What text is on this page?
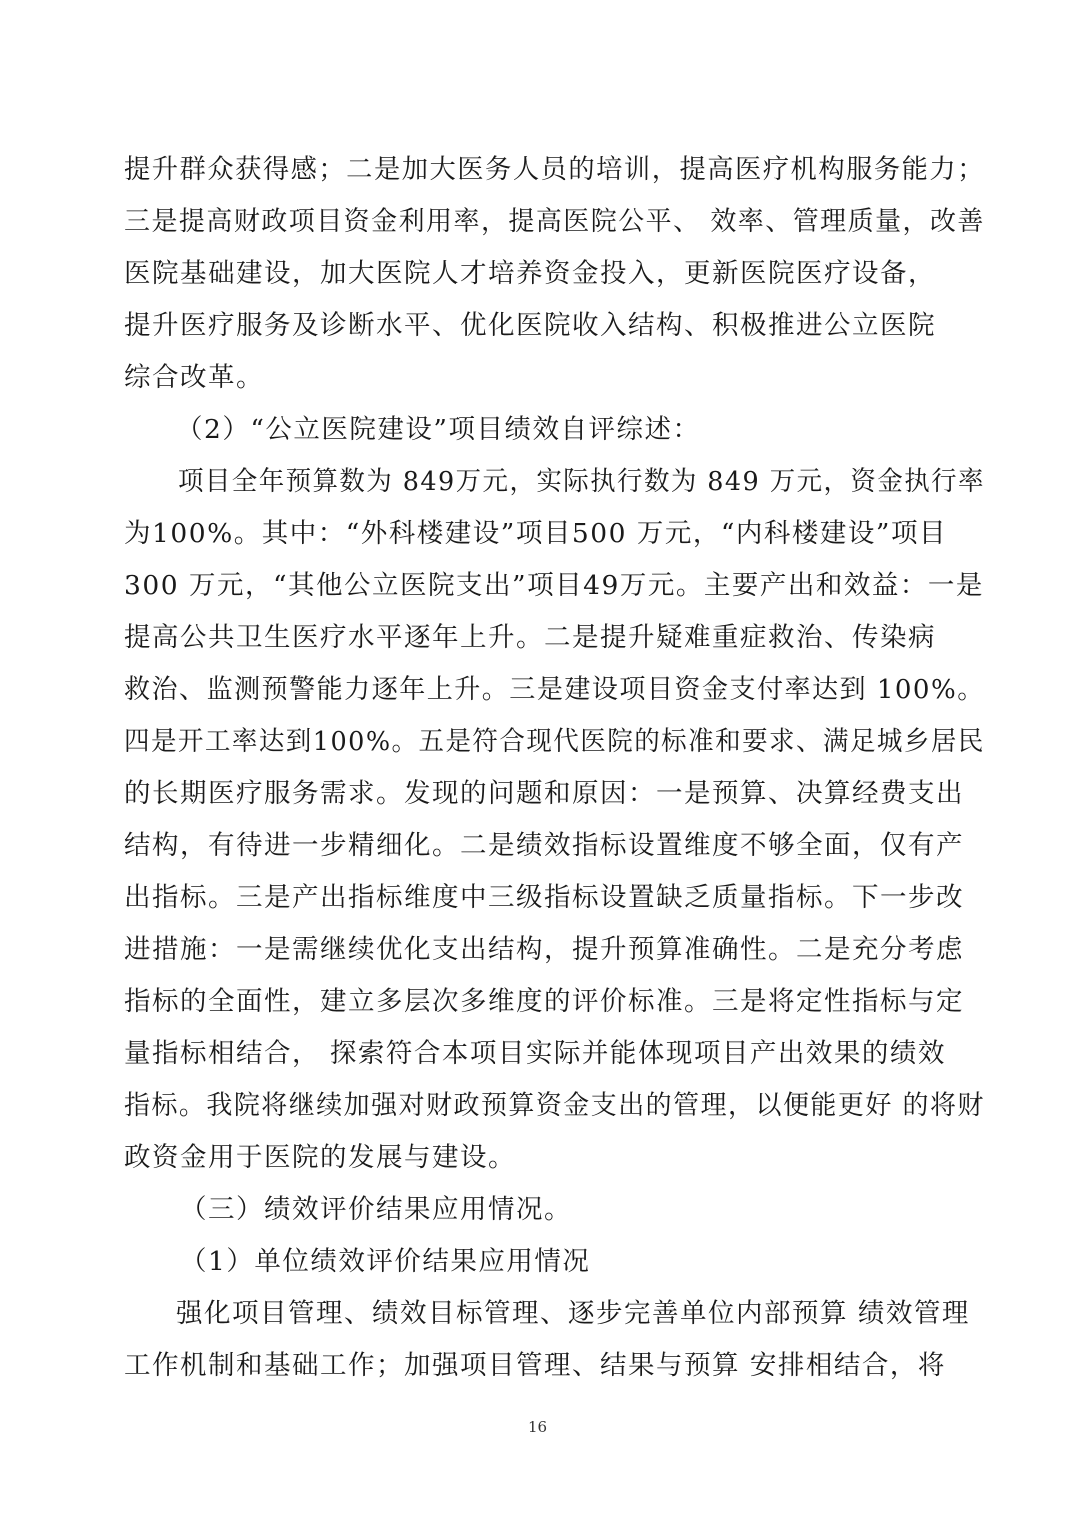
提升群众获得感；二是加大医务人员的培训，提高医疗机构服务能力；
三是提高财政项目资金利用率，提高医院公平、 效率、管理质量，改善
医院基础建设，加大医院人才培养资金投入，更新医院医疗设备，
提升医疗服务及诊断水平、优化医院收入结构、积极推进公立医院
综合改革。
（2）“公立医院建设”项目绩效自评综述：
项目全年预算数为 849万元，实际执行数为 849 万元，资金执行率
为100%。其中：“外科楼建设”项目500 万元，“内科楼建设”项目
300 万元，“其他公立医院支出”项目49万元。主要产出和效益：一是
提高公共卫生医疗水平逐年上升。二是提升疑难重症救治、传染病
救治、监测预警能力逐年上升。三是建设项目资金支付率达到 100%。
四是开工率达到100%。五是符合现代医院的标准和要求、满足城乡居民
的长期医疗服务需求。发现的问题和原因：一是预算、决算经费支出
结构，有待进一步精细化。二是绩效指标设置维度不够全面，仅有产
出指标。三是产出指标维度中三级指标设置缺乏质量指标。下一步改
进措施：一是需继续优化支出结构，提升预算准确性。二是充分考虑
指标的全面性，建立多层次多维度的评价标准。三是将定性指标与定
量指标相结合， 探索符合本项目实际并能体现项目产出效果的绩效
指标。我院将继续加强对财政预算资金支出的管理，以便能更好 的将财
政资金用于医院的发展与建设。
（三）绩效评价结果应用情况。
（1）单位绩效评价结果应用情况
强化项目管理、绩效目标管理、逐步完善单位内部预算 绩效管理
工作机制和基础工作；加强项目管理、结果与预算 安排相结合，将
16
